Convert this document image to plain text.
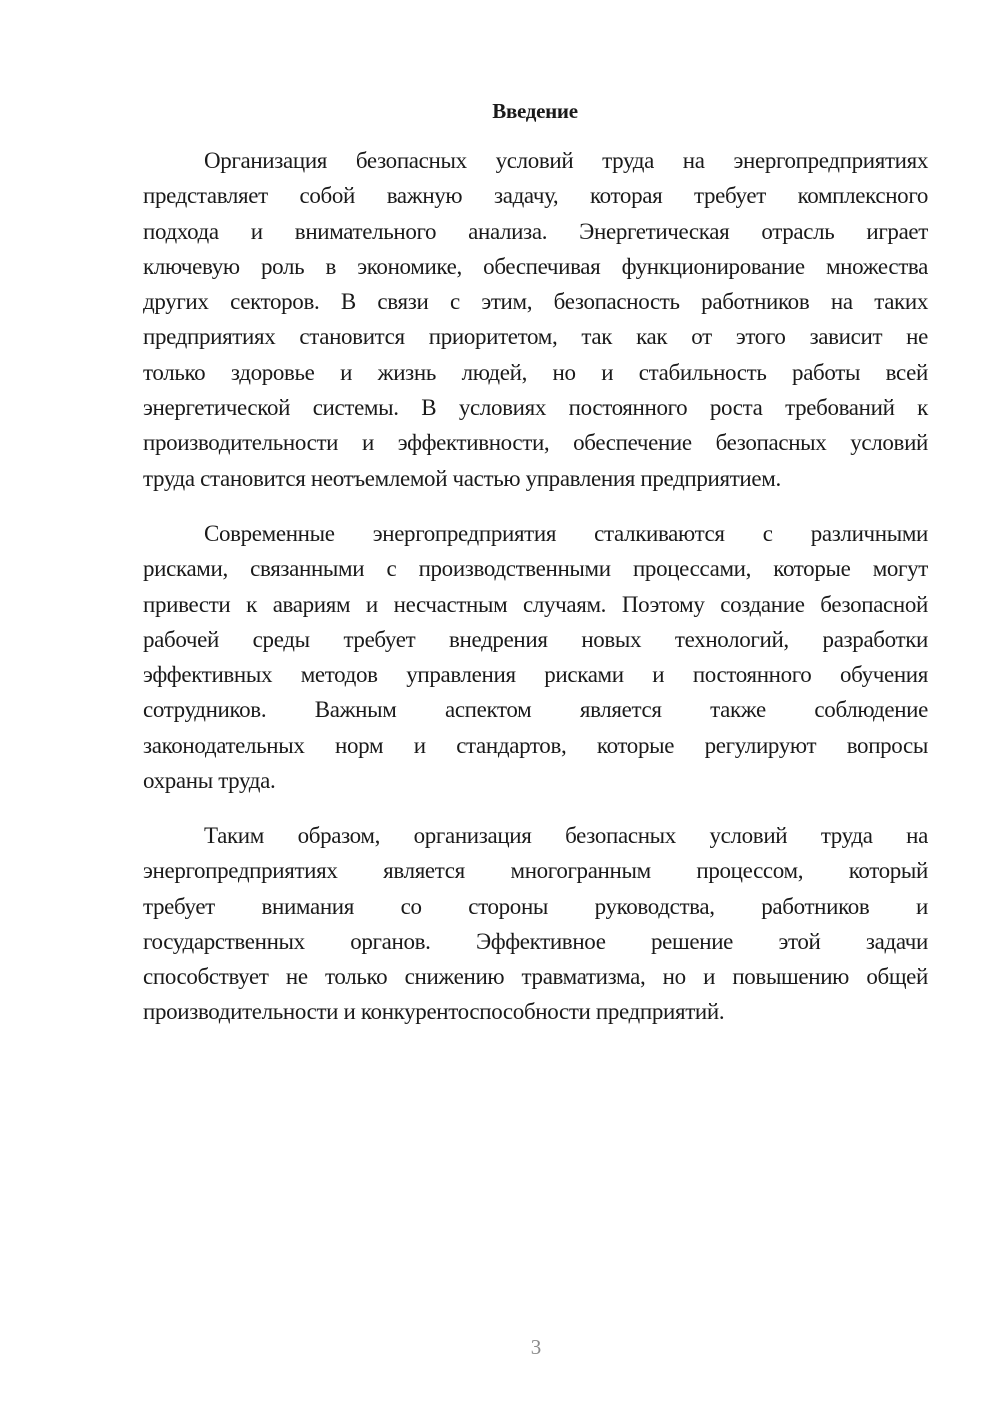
Введение
Организация безопасных условий труда на энергопредприятиях
представляет собой важную задачу, которая требует комплексного
подхода и внимательного анализа. Энергетическая отрасль играет
ключевую роль в экономике, обеспечивая функционирование множества
других секторов. В связи с этим, безопасность работников на таких
предприятиях становится приоритетом, так как от этого зависит не
только здоровье и жизнь людей, но и стабильность работы всей
энергетической системы. В условиях постоянного роста требований к
производительности и эффективности, обеспечение безопасных условий
труда становится неотъемлемой частью управления предприятием.
Современные энергопредприятия сталкиваются с различными
рисками, связанными с производственными процессами, которые могут
привести к авариям и несчастным случаям. Поэтому создание безопасной
рабочей среды требует внедрения новых технологий, разработки
эффективных методов управления рисками и постоянного обучения
сотрудников. Важным аспектом является также соблюдение
законодательных норм и стандартов, которые регулируют вопросы
охраны труда.
Таким образом, организация безопасных условий труда на
энергопредприятиях является многогранным процессом, который
требует внимания со стороны руководства, работников и
государственных органов. Эффективное решение этой задачи
способствует не только снижению травматизма, но и повышению общей
производительности и конкурентоспособности предприятий.
3
